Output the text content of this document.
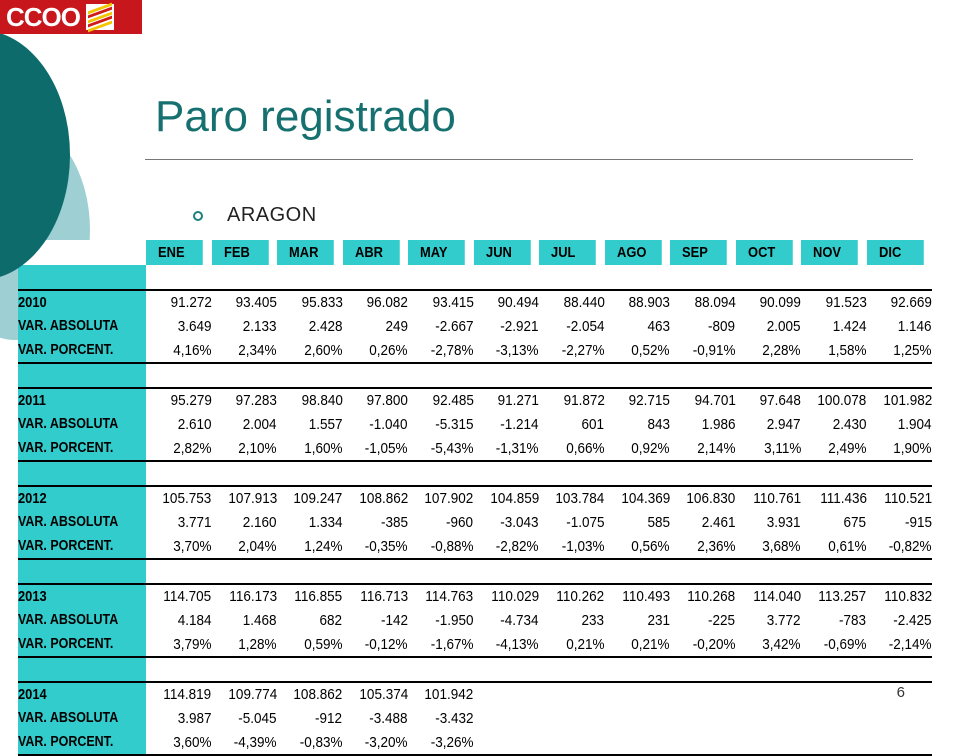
CCOO
Paro registrado
ARAGON
	ENE	FEB	MAR	ABR	MAY	JUN	JUL	AGO	SEP	OCT	NOV	DIC

2010	91.272	93.405	95.833	96.082	93.415	90.494	88.440	88.903	88.094	90.099	91.523	92.669
VAR. ABSOLUTA	3.649	2.133	2.428	249	-2.667	-2.921	-2.054	463	-809	2.005	1.424	1.146
VAR. PORCENT.	4,16%	2,34%	2,60%	0,26%	-2,78%	-3,13%	-2,27%	0,52%	-0,91%	2,28%	1,58%	1,25%

2011	95.279	97.283	98.840	97.800	92.485	91.271	91.872	92.715	94.701	97.648	100.078	101.982
VAR. ABSOLUTA	2.610	2.004	1.557	-1.040	-5.315	-1.214	601	843	1.986	2.947	2.430	1.904
VAR. PORCENT.	2,82%	2,10%	1,60%	-1,05%	-5,43%	-1,31%	0,66%	0,92%	2,14%	3,11%	2,49%	1,90%

2012	105.753	107.913	109.247	108.862	107.902	104.859	103.784	104.369	106.830	110.761	111.436	110.521
VAR. ABSOLUTA	3.771	2.160	1.334	-385	-960	-3.043	-1.075	585	2.461	3.931	675	-915
VAR. PORCENT.	3,70%	2,04%	1,24%	-0,35%	-0,88%	-2,82%	-1,03%	0,56%	2,36%	3,68%	0,61%	-0,82%

2013	114.705	116.173	116.855	116.713	114.763	110.029	110.262	110.493	110.268	114.040	113.257	110.832
VAR. ABSOLUTA	4.184	1.468	682	-142	-1.950	-4.734	233	231	-225	3.772	-783	-2.425
VAR. PORCENT.	3,79%	1,28%	0,59%	-0,12%	-1,67%	-4,13%	0,21%	0,21%	-0,20%	3,42%	-0,69%	-2,14%

2014	114.819	109.774	108.862	105.374	101.942							
VAR. ABSOLUTA	3.987	-5.045	-912	-3.488	-3.432							
VAR. PORCENT.	3,60%	-4,39%	-0,83%	-3,20%	-3,26%							
6
